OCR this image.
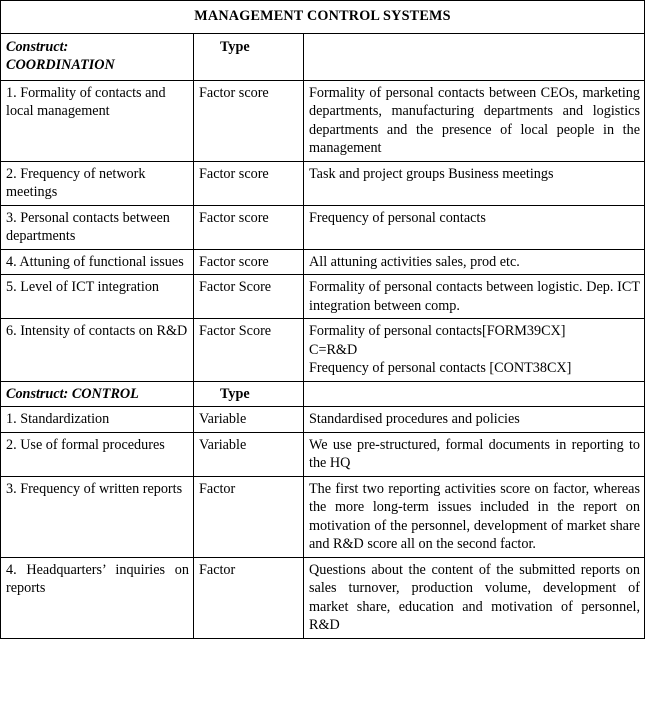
MANAGEMENT CONTROL SYSTEMS		
Construct:
COORDINATION	Type	
1. Formality of contacts and local management	Factor score	Formality of personal contacts between CEOs, marketing departments, manufacturing departments and logistics departments and the presence of local people in the management
2. Frequency of network meetings	Factor score	Task and project groups Business meetings
3. Personal contacts between departments	Factor score	Frequency of personal contacts
4. Attuning of functional issues	Factor score	All attuning activities sales, prod etc.
5. Level of ICT integration	Factor Score	Formality of personal contacts between logistic. Dep. ICT integration between comp.
6. Intensity of contacts on R&D	Factor Score	Formality of personal contacts[FORM39CX]
C=R&D
Frequency of personal contacts [CONT38CX]

Construct: CONTROL	Type	
1. Standardization	Variable	Standardised procedures and policies
2. Use of formal procedures	Variable	We use pre-structured, formal documents in reporting to the HQ
3. Frequency of written reports	Factor	The first two reporting activities score on factor, whereas the more long-term issues included in the report on motivation of the personnel, development of market share and R&D score all on the second factor.
4. Headquarters’ inquiries on reports	Factor	Questions about the content of the submitted reports on sales turnover, production volume, development of market share, education and motivation of personnel, R&D
